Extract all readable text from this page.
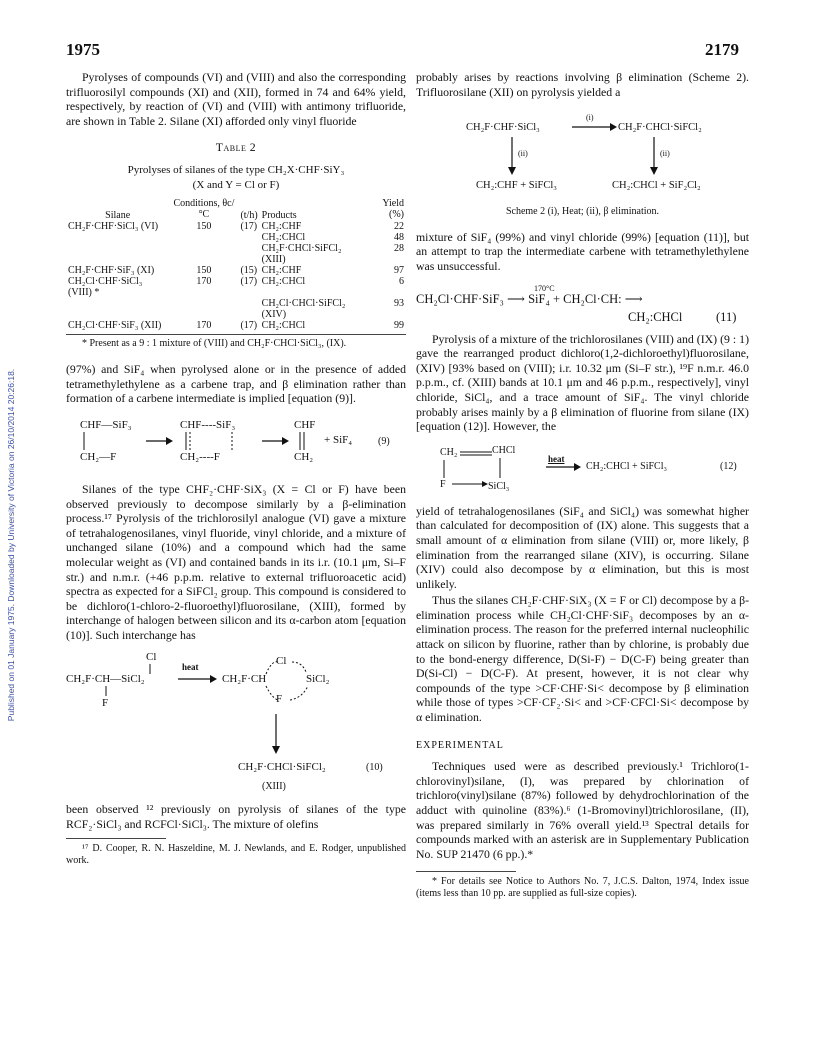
1975	2179
Published on 01 January 1975. Downloaded by University of Victoria on 26/10/2014 20:26:18.

Pyrolyses of compounds (VI) and (VIII) and also the corresponding trifluorosilyl compounds (XI) and (XII), formed in 74 and 64% yield, respectively, by reaction of (VI) and (VIII) with antimony trifluoride, are shown in Table 2. Silane (XI) afforded only vinyl fluoride

Table 2
Pyrolyses of silanes of the type CH₂X·CHF·SiY₃
(X and Y = Cl or F)
Silane	Conditions, θc/°C	(t/h)	Products	Yield (%)
CH₂F·CHF·SiCl₃ (VI)	150	(17)	CH₂:CHF	22
			CH₂:CHCl	48
			CH₂F·CHCl·SiFCl₂ (XIII)	28
CH₂F·CHF·SiF₃ (XI)	150	(15)	CH₂:CHF	97
CH₂Cl·CHF·SiCl₃ (VIII) *	170	(17)	CH₂:CHCl	6
			CH₂Cl·CHCl·SiFCl₂ (XIV)	93
CH₂Cl·CHF·SiF₃ (XII)	170	(17)	CH₂:CHCl	99

* Present as a 9 : 1 mixture of (VIII) and CH₂F·CHCl·SiCl₃, (IX).

(97%) and SiF₄ when pyrolysed alone or in the presence of added tetramethylethylene as a carbene trap, and β elimination rather than formation of a carbene intermediate is implied [equation (9)].

CHF—SiF₃
CH₂—F
CHF----SiF₃
CH₂----F
CHF
CH₂
+ SiF₄	(9)

Silanes of the type CHF₂·CHF·SiX₃ (X = Cl or F) have been observed previously to decompose similarly by a β-elimination process.¹⁷ Pyrolysis of the trichlorosilyl analogue (VI) gave a mixture of tetrahalogenosilanes, vinyl fluoride, vinyl chloride, and a mixture of unchanged silane (10%) and a compound which had the same molecular weight as (VI) and contained bands in its i.r. (10.1 μm, Si–F str.) and n.m.r. (+46 p.p.m. relative to external trifluoroacetic acid) spectra as expected for a SiFCl₂ group. This compound is considered to be dichloro(1-chloro-2-fluoroethyl)fluorosilane, (XIII), formed by interchange of halogen between silicon and its α-carbon atom [equation (10)]. Such interchange has

Cl
CH₂F·CH—SiCl₂
F
heat
CH₂F·CH
Cl
SiCl₂
F
CH₂F·CHCl·SiFCl₂	(10)
(XIII)

been observed ¹² previously on pyrolysis of silanes of the type RCF₂·SiCl₃ and RCFCl·SiCl₃. The mixture of olefins

¹⁷ D. Cooper, R. N. Haszeldine, M. J. Newlands, and E. Rodger, unpublished work.

probably arises by reactions involving β elimination (Scheme 2). Trifluorosilane (XII) on pyrolysis yielded a

CH₂F·CHF·SiCl₃
(i)
CH₂F·CHCl·SiFCl₂
(ii)	(ii)
CH₂:CHF + SiFCl₃	CH₂:CHCl + SiF₂Cl₂
Scheme 2 (i), Heat; (ii), β elimination.

mixture of SiF₄ (99%) and vinyl chloride (99%) [equation (11)], but an attempt to trap the intermediate carbene with tetramethylethylene was unsuccessful.

170°C
CH₂Cl·CHF·SiF₃ ⟶ SiF₄ + CH₂Cl·CH: ⟶
CH₂:CHCl	(11)

Pyrolysis of a mixture of the trichlorosilanes (VIII) and (IX) (9 : 1) gave the rearranged product dichloro(1,2-dichloroethyl)fluorosilane, (XIV) [93% based on (VIII); i.r. 10.32 μm (Si–F str.), ¹⁹F n.m.r. 46.0 p.p.m., cf. (XIII) bands at 10.1 μm and 46 p.p.m., respectively], vinyl chloride, SiCl₄, and a trace amount of SiF₄. The vinyl chloride probably arises mainly by a β elimination of fluorine from silane (IX) [equation (12)]. However, the

CH₂	CHCl
F	SiCl₃
heat
CH₂:CHCl + SiFCl₃	(12)

yield of tetrahalogenosilanes (SiF₄ and SiCl₄) was somewhat higher than calculated for decomposition of (IX) alone. This suggests that a small amount of α elimination from silane (VIII) or, more likely, β elimination from the rearranged silane (XIV), is occurring. Silane (XIV) could also decompose by α elimination, but this is most unlikely.

Thus the silanes CH₂F·CHF·SiX₃ (X = F or Cl) decompose by a β-elimination process while CH₂Cl·CHF·SiF₃ decomposes by an α-elimination process. The reason for the preferred internal nucleophilic attack on silicon by fluorine, rather than by chlorine, is probably due to the bond-energy difference, D(Si-F) − D(C-F) being greater than D(Si-Cl) − D(C-F). At present, however, it is not clear why compounds of the type >CF·CHF·Si< decompose by β elimination while those of types >CF·CF₂·Si< and >CF·CFCl·Si< decompose by α elimination.

EXPERIMENTAL

Techniques used were as described previously.¹ Trichloro(1-chlorovinyl)silane, (I), was prepared by chlorination of trichloro(vinyl)silane (87%) followed by dehydrochlorination of the adduct with quinoline (83%).⁶ (1-Bromovinyl)trichlorosilane, (II), was prepared similarly in 76% overall yield.¹³ Spectral details for compounds marked with an asterisk are in Supplementary Publication No. SUP 21470 (6 pp.).*

* For details see Notice to Authors No. 7, J.C.S. Dalton, 1974, Index issue (items less than 10 pp. are supplied as full-size copies).
